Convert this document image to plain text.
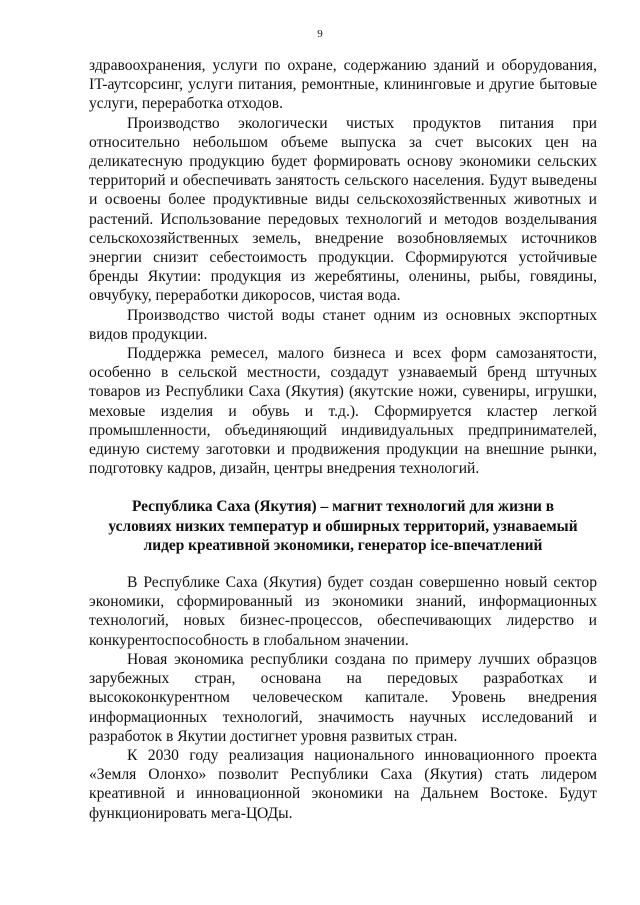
9

здравоохранения, услуги по охране, содержанию зданий и оборудования, IT-аутсорсинг, услуги питания, ремонтные, клининговые и другие бытовые услуги, переработка отходов.

Производство экологически чистых продуктов питания при относительно небольшом объеме выпуска за счет высоких цен на деликатесную продукцию будет формировать основу экономики сельских территорий и обеспечивать занятость сельского населения. Будут выведены и освоены более продуктивные виды сельскохозяйственных животных и растений. Использование передовых технологий и методов возделывания сельскохозяйственных земель, внедрение возобновляемых источников энергии снизит себестоимость продукции. Сформируются устойчивые бренды Якутии: продукция из жеребятины, оленины, рыбы, говядины, овчубуку, переработки дикоросов, чистая вода.

Производство чистой воды станет одним из основных экспортных видов продукции.

Поддержка ремесел, малого бизнеса и всех форм самозанятости, особенно в сельской местности, создадут узнаваемый бренд штучных товаров из Республики Саха (Якутия) (якутские ножи, сувениры, игрушки, меховые изделия и обувь и т.д.). Сформируется кластер легкой промышленности, объединяющий индивидуальных предпринимателей, единую систему заготовки и продвижения продукции на внешние рынки, подготовку кадров, дизайн, центры внедрения технологий.

Республика Саха (Якутия) – магнит технологий для жизни в
условиях низких температур и обширных территорий, узнаваемый
лидер креативной экономики, генератор ice-впечатлений

В Республике Саха (Якутия) будет создан совершенно новый сектор экономики, сформированный из экономики знаний, информационных технологий, новых бизнес-процессов, обеспечивающих лидерство и конкурентоспособность в глобальном значении.

Новая экономика республики создана по примеру лучших образцов зарубежных стран, основана на передовых разработках и высококонкурентном человеческом капитале. Уровень внедрения информационных технологий, значимость научных исследований и разработок в Якутии достигнет уровня развитых стран.

К 2030 году реализация национального инновационного проекта «Земля Олонхо» позволит Республики Саха (Якутия) стать лидером креативной и инновационной экономики на Дальнем Востоке. Будут функционировать мега-ЦОДы.
